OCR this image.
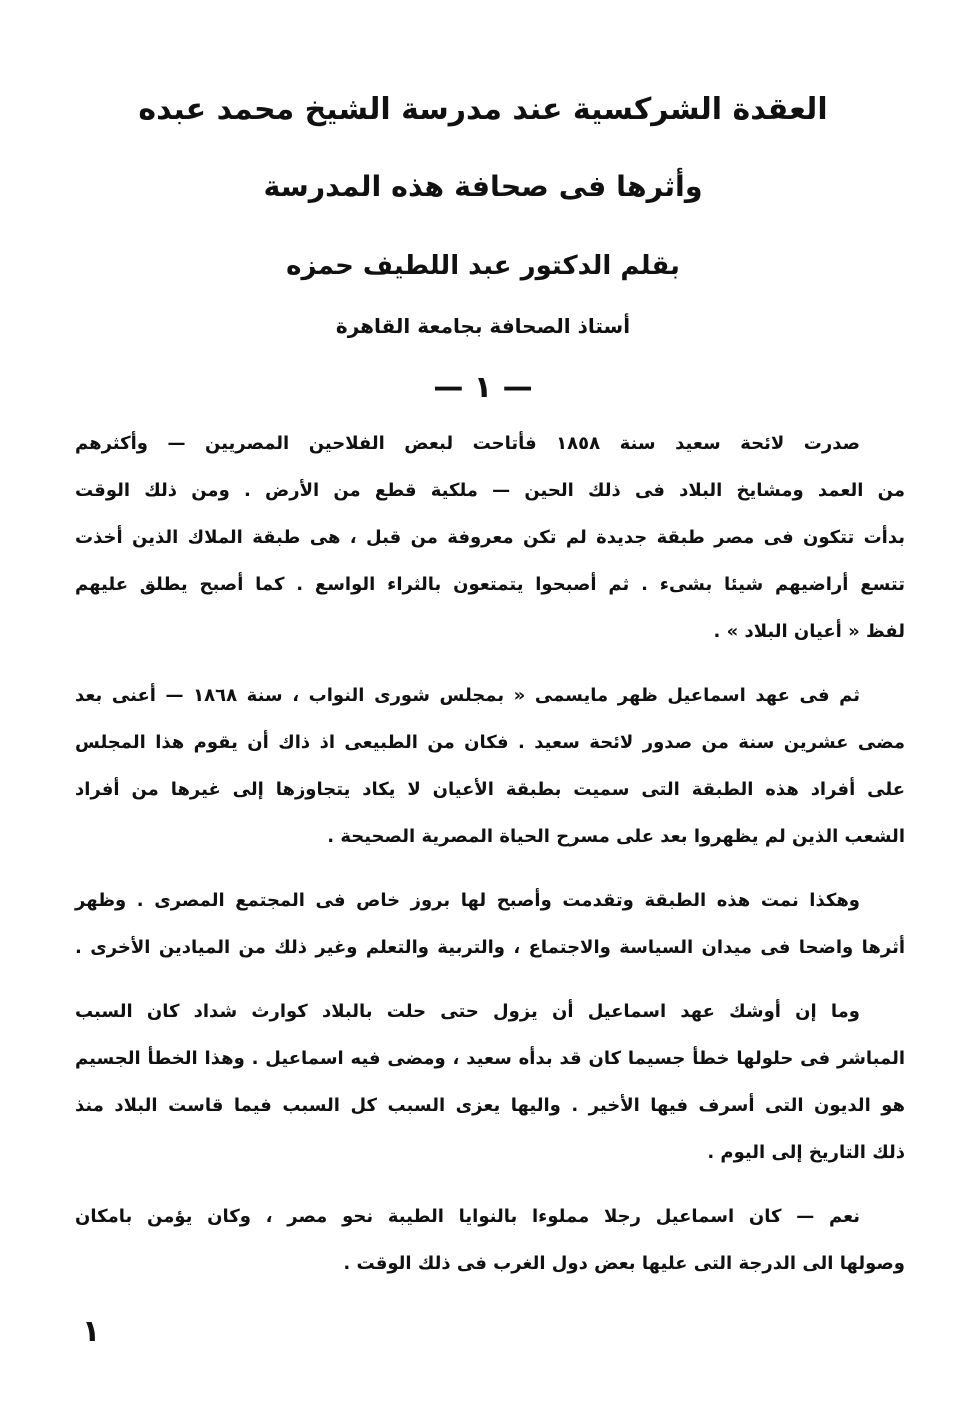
العقدة الشركسية عند مدرسة الشيخ محمد عبده
وأثرها فى صحافة هذه المدرسة
بقلم الدكتور عبد اللطيف حمزه
أستاذ الصحافة بجامعة القاهرة
— ١ —
صدرت لائحة سعيد سنة ١٨٥٨ فأتاحت لبعض الفلاحين المصريين — وأكثرهم
من العمد ومشايخ البلاد فى ذلك الحين — ملكية قطع من الأرض . ومن ذلك الوقت
بدأت تتكون فى مصر طبقة جديدة لم تكن معروفة من قبل ، هى طبقة الملاك الذين أخذت
تتسع أراضيهم شيئا بشىء . ثم أصبحوا يتمتعون بالثراء الواسع . كما أصبح يطلق عليهم
لفظ « أعيان البلاد » .
ثم فى عهد اسماعيل ظهر مايسمى « بمجلس شورى النواب ، سنة ١٨٦٨ — أعنى بعد
مضى عشرين سنة من صدور لائحة سعيد . فكان من الطبيعى اذ ذاك أن يقوم هذا المجلس
على أفراد هذه الطبقة التى سميت بطبقة الأعيان لا يكاد يتجاوزها إلى غيرها من أفراد
الشعب الذين لم يظهروا بعد على مسرح الحياة المصرية الصحيحة .
وهكذا نمت هذه الطبقة وتقدمت وأصبح لها بروز خاص فى المجتمع المصرى . وظهر
أثرها واضحا فى ميدان السياسة والاجتماع ، والتربية والتعلم وغير ذلك من الميادين الأخرى .
وما إن أوشك عهد اسماعيل أن يزول حتى حلت بالبلاد كوارث شداد كان السبب
المباشر فى حلولها خطأ جسيما كان قد بدأه سعيد ، ومضى فيه اسماعيل . وهذا الخطأ الجسيم
هو الديون التى أسرف فيها الأخير . واليها يعزى السبب كل السبب فيما قاست البلاد منذ
ذلك التاريخ إلى اليوم .
نعم — كان اسماعيل رجلا مملوءا بالنوايا الطيبة نحو مصر ، وكان يؤمن بامكان
وصولها الى الدرجة التى عليها بعض دول الغرب فى ذلك الوقت .
١
